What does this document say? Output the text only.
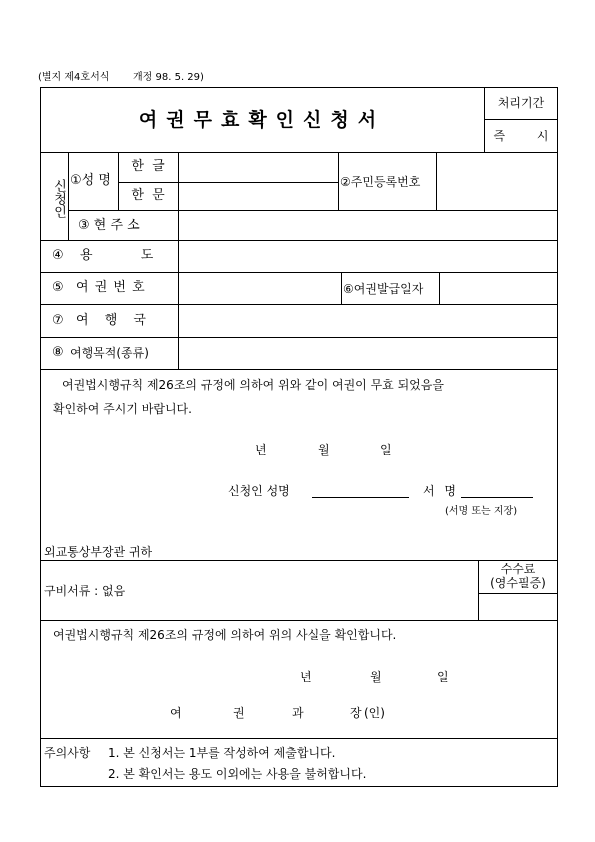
(별지 제4호서식 개정 98. 5. 29)
여권무효확인신청서
처리기간
즉 시
신청인 ①성 명
한 글
한 문
②주민등록번호
③ 현 주 소
④ 용 도
⑤ 여 권 번 호	⑥여권발급일자
⑦ 여 행 국
⑧ 여행목적(종류)
여권법시행규칙 제26조의 규정에 의하여 위와 같이 여권이 무효 되었음을
확인하여 주시기 바랍니다.
년	월	일
신청인 성명	서 명
(서명 또는 지장)
외교통상부장관 귀하
구비서류 : 없음
수수료
(영수필증)
여권법시행규칙 제26조의 규정에 의하여 위의 사실을 확인합니다.
년	월	일
여	권	과	장 (인)
주의사항 1. 본 신청서는 1부를 작성하여 제출합니다.
2. 본 확인서는 용도 이외에는 사용을 불허합니다.
